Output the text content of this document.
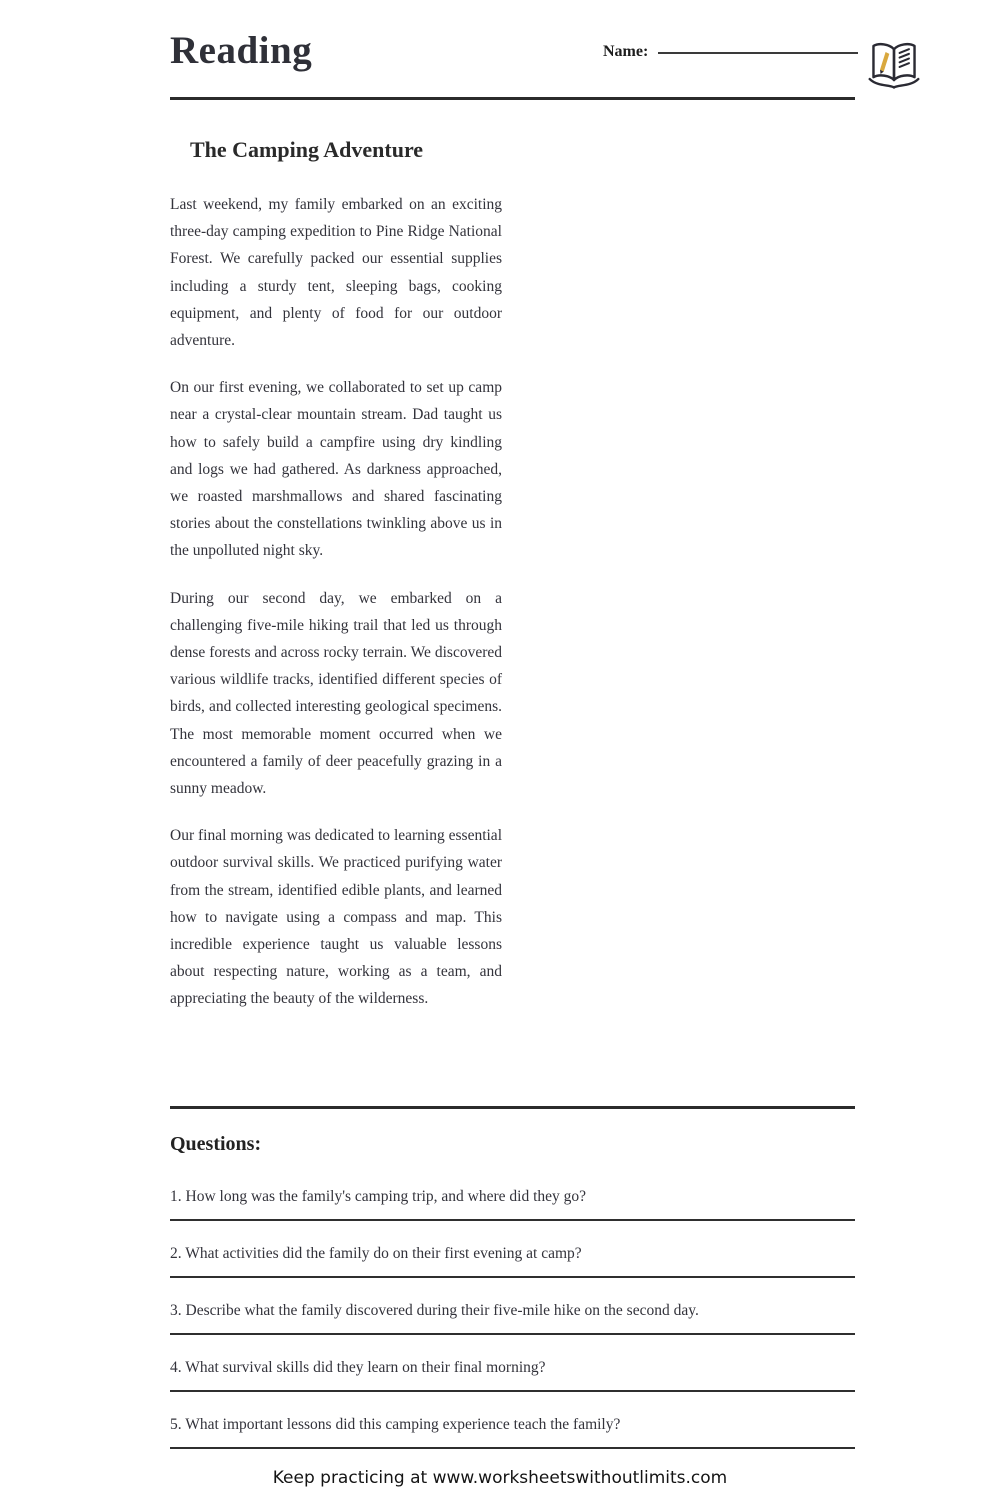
Reading	Name:
The Camping Adventure

Last weekend, my family embarked on an exciting three-day camping expedition to Pine Ridge National Forest. We carefully packed our essential supplies including a sturdy tent, sleeping bags, cooking equipment, and plenty of food for our outdoor adventure.

On our first evening, we collaborated to set up camp near a crystal-clear mountain stream. Dad taught us how to safely build a campfire using dry kindling and logs we had gathered. As darkness approached, we roasted marshmallows and shared fascinating stories about the constellations twinkling above us in the unpolluted night sky.

During our second day, we embarked on a challenging five-mile hiking trail that led us through dense forests and across rocky terrain. We discovered various wildlife tracks, identified different species of birds, and collected interesting geological specimens. The most memorable moment occurred when we encountered a family of deer peacefully grazing in a sunny meadow.

Our final morning was dedicated to learning essential outdoor survival skills. We practiced purifying water from the stream, identified edible plants, and learned how to navigate using a compass and map. This incredible experience taught us valuable lessons about respecting nature, working as a team, and appreciating the beauty of the wilderness.

Questions:
1. How long was the family's camping trip, and where did they go?
2. What activities did the family do on their first evening at camp?
3. Describe what the family discovered during their five-mile hike on the second day.
4. What survival skills did they learn on their final morning?
5. What important lessons did this camping experience teach the family?
Keep practicing at www.worksheetswithoutlimits.com
